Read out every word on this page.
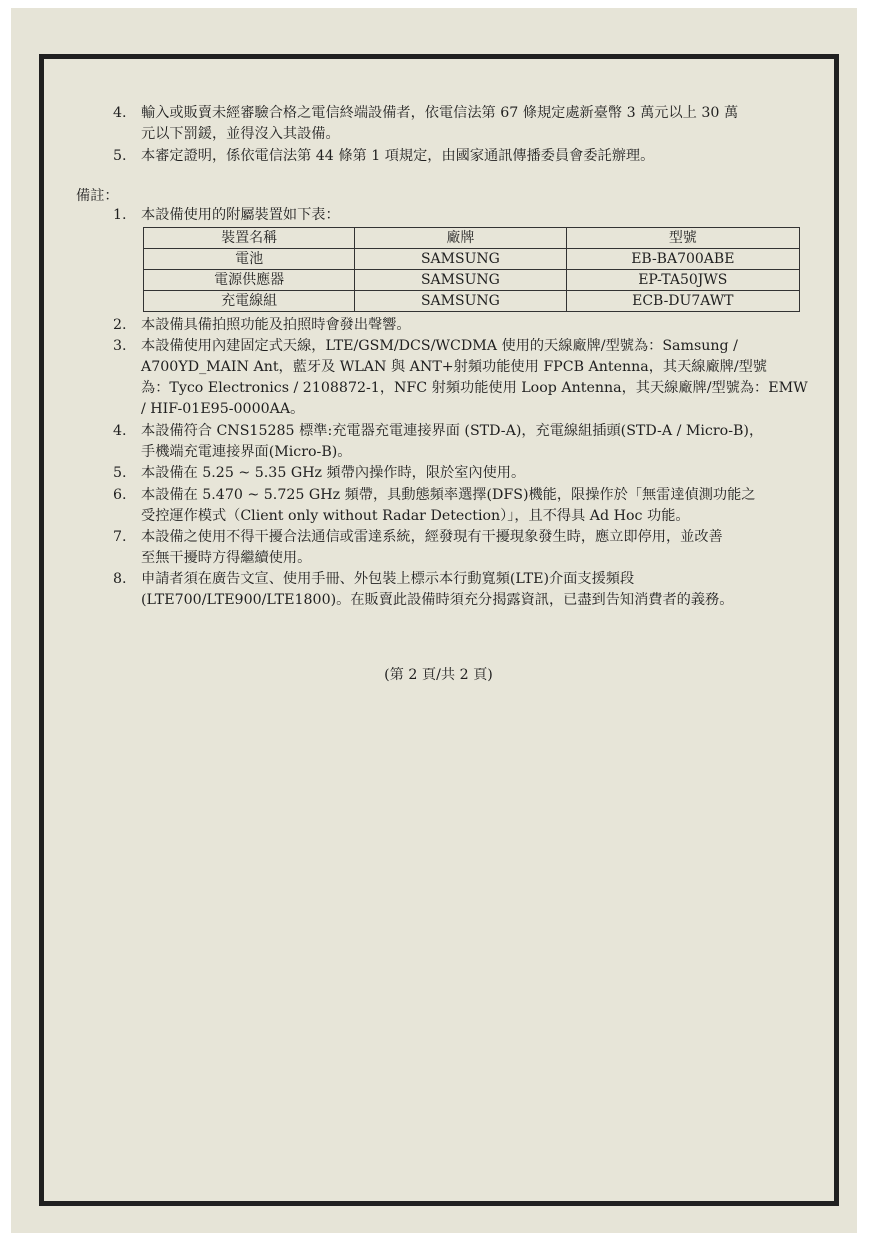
4.	輸入或販賣未經審驗合格之電信終端設備者，依電信法第 67 條規定處新臺幣 3 萬元以上 30 萬
元以下罰鍰，並得沒入其設備。
5.	本審定證明，係依電信法第 44 條第 1 項規定，由國家通訊傳播委員會委託辦理。
備註：
1.	本設備使用的附屬裝置如下表：
裝置名稱	廠牌	型號
電池	SAMSUNG	EB-BA700ABE
電源供應器	SAMSUNG	EP-TA50JWS
充電線組	SAMSUNG	ECB-DU7AWT
2.	本設備具備拍照功能及拍照時會發出聲響。
3.	本設備使用內建固定式天線，LTE/GSM/DCS/WCDMA 使用的天線廠牌/型號為：Samsung /
A700YD_MAIN Ant，藍牙及 WLAN 與 ANT+射頻功能使用 FPCB Antenna，其天線廠牌/型號
為：Tyco Electronics / 2108872-1，NFC 射頻功能使用 Loop Antenna，其天線廠牌/型號為：EMW
/ HIF-01E95-0000AA。
4.	本設備符合 CNS15285 標準:充電器充電連接界面 (STD-A)，充電線組插頭(STD-A / Micro-B)，
手機端充電連接界面(Micro-B)。
5.	本設備在 5.25 ~ 5.35 GHz 頻帶內操作時，限於室內使用。
6.	本設備在 5.470 ~ 5.725 GHz 頻帶，具動態頻率選擇(DFS)機能，限操作於「無雷達偵測功能之
受控運作模式（Client only without Radar Detection）」，且不得具 Ad Hoc 功能。
7.	本設備之使用不得干擾合法通信或雷達系統，經發現有干擾現象發生時，應立即停用，並改善
至無干擾時方得繼續使用。
8.	申請者須在廣告文宣、使用手冊、外包裝上標示本行動寬頻(LTE)介面支援頻段
(LTE700/LTE900/LTE1800)。在販賣此設備時須充分揭露資訊，已盡到告知消費者的義務。
(第 2 頁/共 2 頁)
